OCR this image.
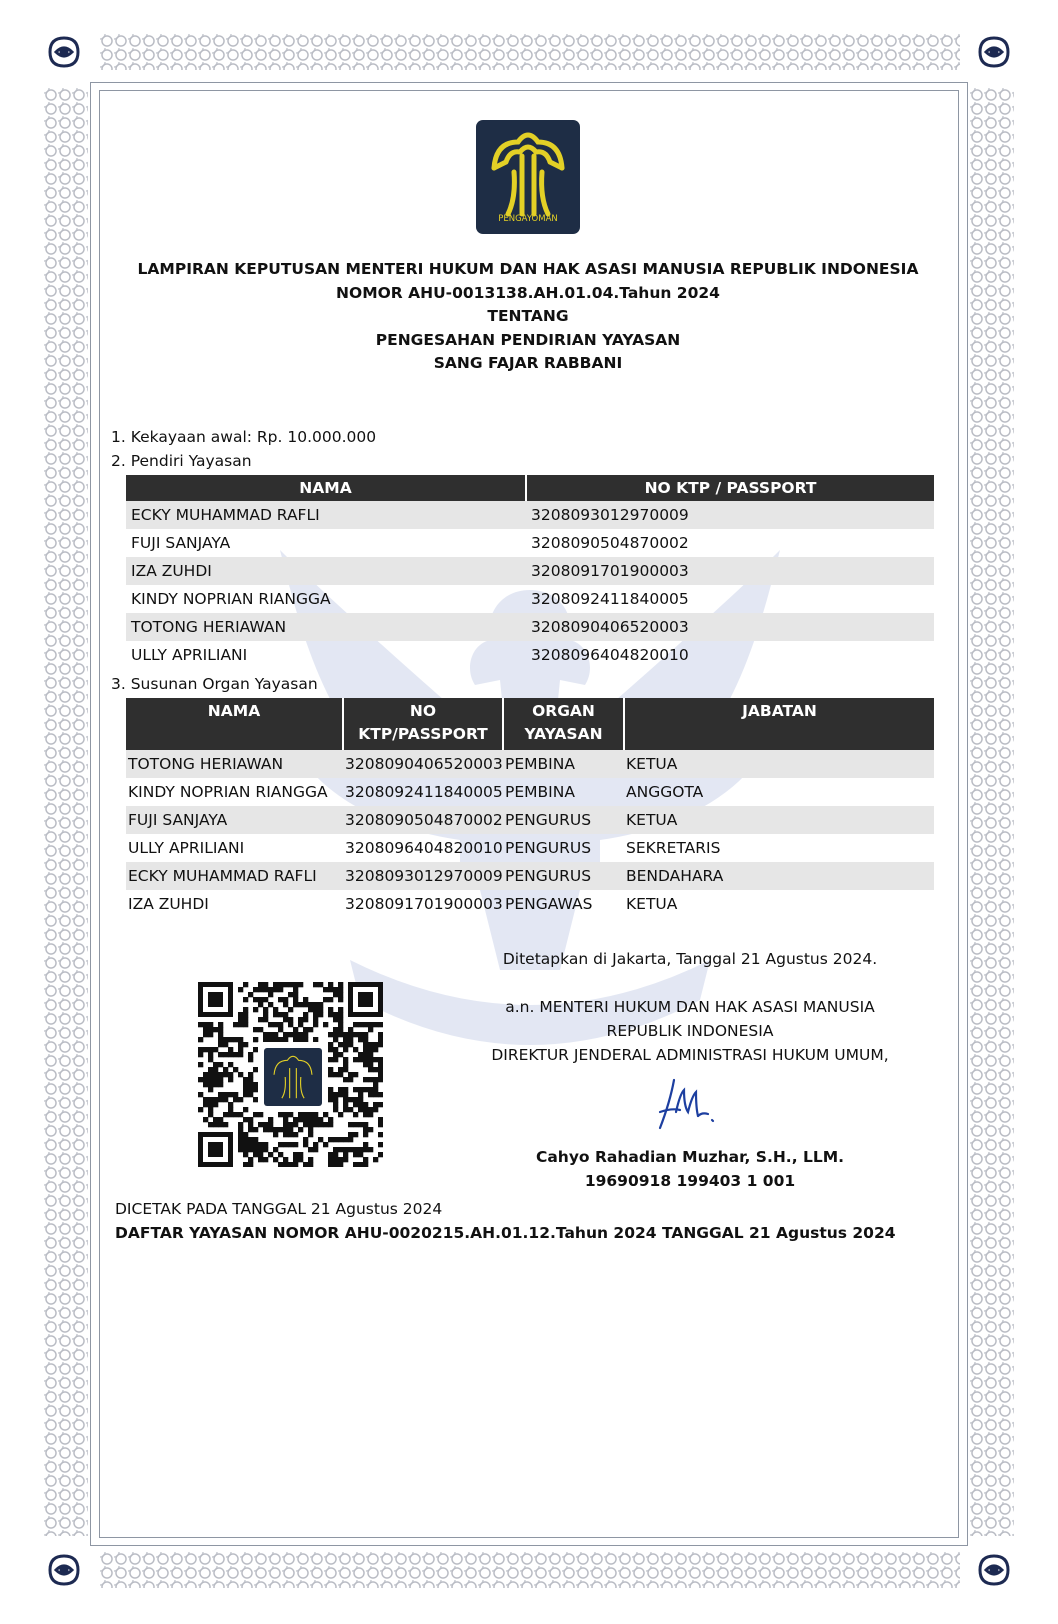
PENGAYOMAN
LAMPIRAN KEPUTUSAN MENTERI HUKUM DAN HAK ASASI MANUSIA REPUBLIK INDONESIA
NOMOR AHU-0013138.AH.01.04.Tahun 2024
TENTANG
PENGESAHAN PENDIRIAN YAYASAN
SANG FAJAR RABBANI
1. Kekayaan awal: Rp. 10.000.000
2. Pendiri Yayasan
NAMA	NO KTP / PASSPORT
ECKY MUHAMMAD RAFLI	3208093012970009
FUJI SANJAYA	3208090504870002
IZA ZUHDI	3208091701900003
KINDY NOPRIAN RIANGGA	3208092411840005
TOTONG HERIAWAN	3208090406520003
ULLY APRILIANI	3208096404820010
3. Susunan Organ Yayasan
NAMA	NO KTP/PASSPORT	ORGAN YAYASAN	JABATAN
TOTONG HERIAWAN	3208090406520003	PEMBINA	KETUA
KINDY NOPRIAN RIANGGA	3208092411840005	PEMBINA	ANGGOTA
FUJI SANJAYA	3208090504870002	PENGURUS	KETUA
ULLY APRILIANI	3208096404820010	PENGURUS	SEKRETARIS
ECKY MUHAMMAD RAFLI	3208093012970009	PENGURUS	BENDAHARA
IZA ZUHDI	3208091701900003	PENGAWAS	KETUA
Ditetapkan di Jakarta, Tanggal 21 Agustus 2024.
a.n. MENTERI HUKUM DAN HAK ASASI MANUSIA
REPUBLIK INDONESIA
DIREKTUR JENDERAL ADMINISTRASI HUKUM UMUM,
Cahyo Rahadian Muzhar, S.H., LLM.
19690918 199403 1 001
DICETAK PADA TANGGAL 21 Agustus 2024
DAFTAR YAYASAN NOMOR AHU-0020215.AH.01.12.Tahun 2024 TANGGAL 21 Agustus 2024
